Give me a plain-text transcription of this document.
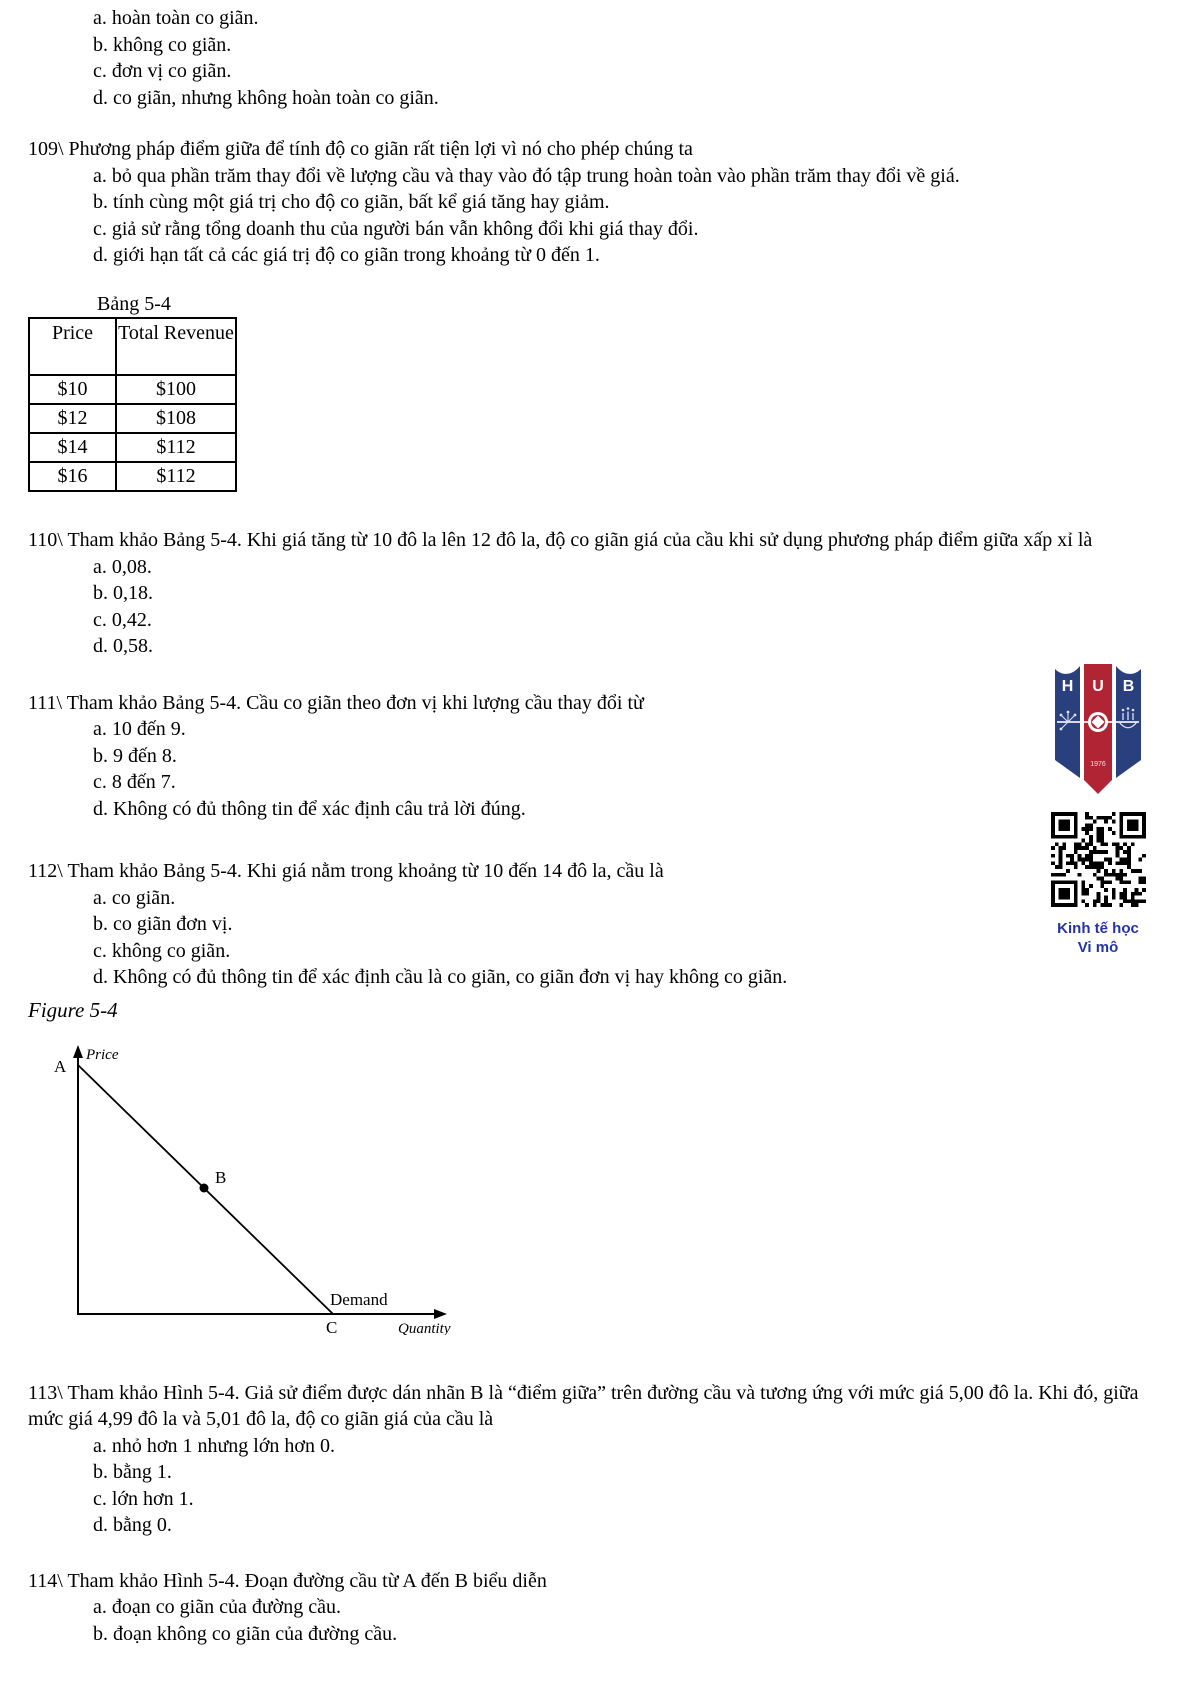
a. hoàn toàn co giãn.

b. không co giãn.

c. đơn vị co giãn.

d. co giãn, nhưng không hoàn toàn co giãn.

109\ Phương pháp điểm giữa để tính độ co giãn rất tiện lợi vì nó cho phép chúng ta

a. bỏ qua phần trăm thay đổi về lượng cầu và thay vào đó tập trung hoàn toàn vào phần trăm thay đổi về giá.

b. tính cùng một giá trị cho độ co giãn, bất kể giá tăng hay giảm.

c. giả sử rằng tổng doanh thu của người bán vẫn không đổi khi giá thay đổi.

d. giới hạn tất cả các giá trị độ co giãn trong khoảng từ 0 đến 1.

Bảng 5-4

Price	Total Revenue
$10	$100
$12	$108
$14	$112
$16	$112

110\ Tham khảo Bảng 5-4. Khi giá tăng từ 10 đô la lên 12 đô la, độ co giãn giá của cầu khi sử dụng phương pháp điểm giữa xấp xỉ là

a. 0,08.

b. 0,18.

c. 0,42.

d. 0,58.

111\ Tham khảo Bảng 5-4. Cầu co giãn theo đơn vị khi lượng cầu thay đổi từ

a. 10 đến 9.

b. 9 đến 8.

c. 8 đến 7.

d. Không có đủ thông tin để xác định câu trả lời đúng.

112\ Tham khảo Bảng 5-4. Khi giá nằm trong khoảng từ 10 đến 14 đô la, cầu là

a. co giãn.

b. co giãn đơn vị.

c. không co giãn.

d. Không có đủ thông tin để xác định cầu là co giãn, co giãn đơn vị hay không co giãn.

Figure 5-4

Price
A
B
Demand
C	Quantity

113\ Tham khảo Hình 5-4. Giả sử điểm được dán nhãn B là “điểm giữa” trên đường cầu và tương ứng với mức giá 5,00 đô la. Khi đó, giữa mức giá 4,99 đô la và 5,01 đô la, độ co giãn giá của cầu là

a. nhỏ hơn 1 nhưng lớn hơn 0.

b. bằng 1.

c. lớn hơn 1.

d. bằng 0.

114\ Tham khảo Hình 5-4. Đoạn đường cầu từ A đến B biểu diễn

a. đoạn co giãn của đường cầu.

b. đoạn không co giãn của đường cầu.

H U B
1976

Kinh tế học
Vi mô
